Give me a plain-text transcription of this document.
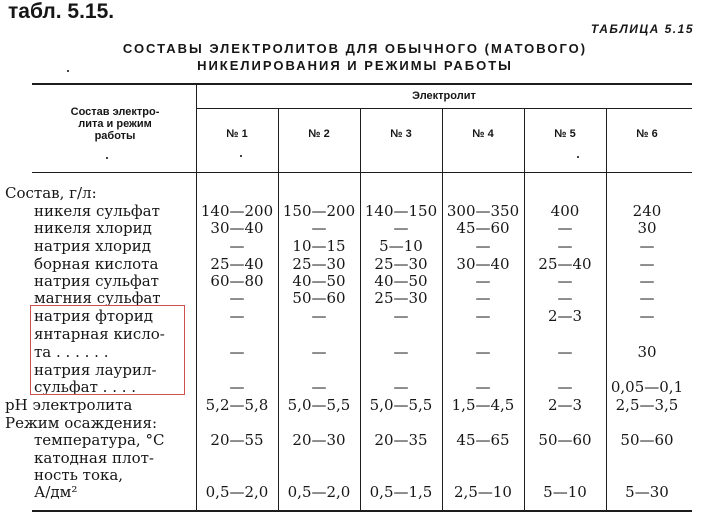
табл. 5.15.
ТАБЛИЦА 5.15
СОСТАВЫ ЭЛЕКТРОЛИТОВ ДЛЯ ОБЫЧНОГО (МАТОВОГО)
НИКЕЛИРОВАНИЯ И РЕЖИМЫ РАБОТЫ
Состав электро-
лита и режим
работы
Электролит
№ 1	№ 2	№ 3	№ 4	№ 5	№ 6
Состав, г/л:
никеля сульфат	140—200 150—200 140—150 300—350	400	240
никеля хлорид	30—40	—	—	45—60	—	30
натрия хлорид	—	10—15	5—10	—	—	—
борная кислота	25—40	25—30	25—30	30—40	25—40	—
натрия сульфат	60—80	40—50	40—50	—	—	—
магния сульфат	—	50—60	25—30	—	—	—
натрия фторид	—	—	—	—	2—3	—
янтарная кисло-
та . . . . . .	—	—	—	—	—	30
натрия лаурил-
сульфат . . . .	—	—	—	—	—	0,05—0,1
рН электролита	5,2—5,8	5,0—5,5	5,0—5,5	1,5—4,5	2—3	2,5—3,5
Режим осаждения:
температура, °С	20—55	20—30	20—35	45—65	50—60	50—60
катодная плот-
ность тока,
А/дм²	0,5—2,0	0,5—2,0	0,5—1,5	2,5—10	5—10	5—30
